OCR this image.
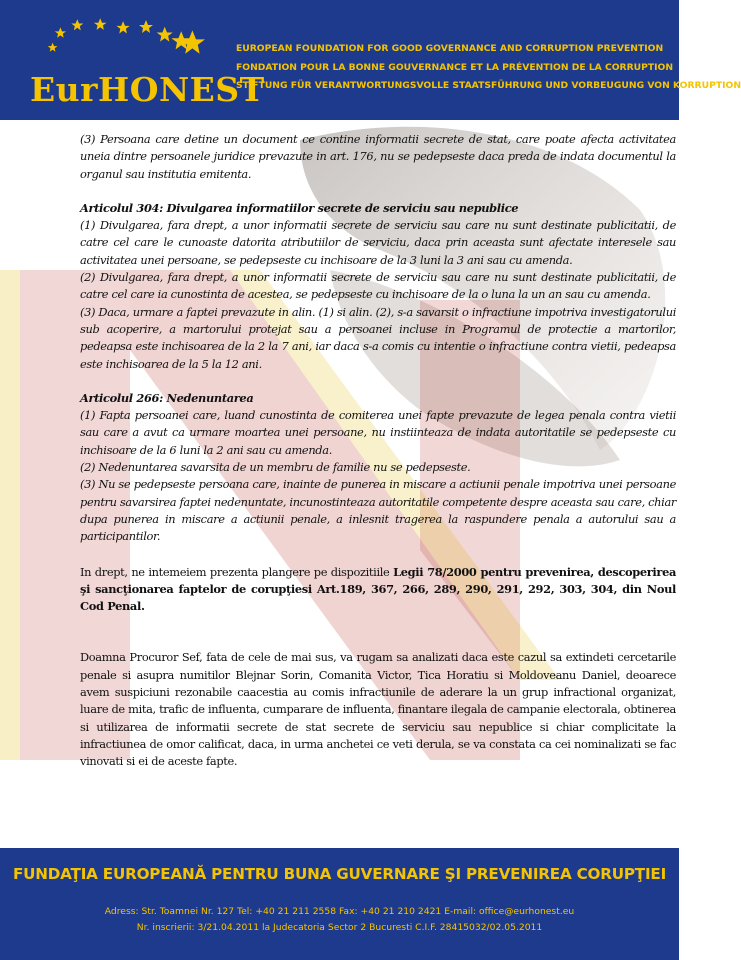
EurHONEST
EUROPEAN FOUNDATION FOR GOOD GOVERNANCE AND CORRUPTION PREVENTION
FONDATION POUR LA BONNE GOUVERNANCE ET LA PRÉVENTION DE LA CORRUPTION
STIFTUNG FÜR VERANTWORTUNGSVOLLE STAATSFÜHRUNG UND VORBEUGUNG VON KORRUPTION

(3) Persoana care detine un document ce contine informatii secrete de stat, care poate afecta activitatea uneia dintre persoanele juridice prevazute in art. 176, nu se pedepseste daca preda de indata documentul la organul sau institutia emitenta.

Articolul 304: Divulgarea informatiilor secrete de serviciu sau nepublice

(1) Divulgarea, fara drept, a unor informatii secrete de serviciu sau care nu sunt destinate publicitatii, de catre cel care le cunoaste datorita atributiilor de serviciu, daca prin aceasta sunt afectate interesele sau activitatea unei persoane, se pedepseste cu inchisoare de la 3 luni la 3 ani sau cu amenda.

(2) Divulgarea, fara drept, a unor informatii secrete de serviciu sau care nu sunt destinate publicitatii, de catre cel care ia cunostinta de acestea, se pedepseste cu inchisoare de la o luna la un an sau cu amenda.

(3) Daca, urmare a faptei prevazute in alin. (1) si alin. (2), s-a savarsit o infractiune impotriva investigatorului sub acoperire, a martorului protejat sau a persoanei incluse in Programul de protectie a martorilor, pedeapsa este inchisoarea de la 2 la 7 ani, iar daca s-a comis cu intentie o infractiune contra vietii, pedeapsa este inchisoarea de la 5 la 12 ani.

Articolul 266: Nedenuntarea

(1) Fapta persoanei care, luand cunostinta de comiterea unei fapte prevazute de legea penala contra vietii sau care a avut ca urmare moartea unei persoane, nu instiinteaza de indata autoritatile se pedepseste cu inchisoare de la 6 luni la 2 ani sau cu amenda.

(2) Nedenuntarea savarsita de un membru de familie nu se pedepseste.

(3) Nu se pedepseste persoana care, inainte de punerea in miscare a actiunii penale impotriva unei persoane pentru savarsirea faptei nedenuntate, incunostinteaza autoritatile competente despre aceasta sau care, chiar dupa punerea in miscare a actiunii penale, a inlesnit tragerea la raspundere penala a autorului sau a participantilor.

In drept, ne intemeiem prezenta plangere pe dispozitiile Legii 78/2000 pentru prevenirea, descoperirea şi sancţionarea faptelor de corupţiesi Art.189, 367, 266, 289, 290, 291, 292, 303, 304, din Noul Cod Penal.

Doamna Procuror Sef, fata de cele de mai sus, va rugam sa analizati daca este cazul sa extindeti cercetarile penale si asupra numitilor Blejnar Sorin, Comanita Victor, Tica Horatiu si Moldoveanu Daniel, deoarece avem suspiciuni rezonabile caacestia au comis infractiunile de aderare la un grup infractional organizat, luare de mita, trafic de influenta, cumparare de influenta, finantare ilegala de campanie electorala, obtinerea si utilizarea de informatii secrete de stat secrete de serviciu sau nepublice si chiar complicitate la infractiunea de omor calificat, daca, in urma anchetei ce veti derula, se va constata ca cei nominalizati se fac vinovati si ei de aceste fapte.

FUNDAŢIA EUROPEANĂ PENTRU BUNA GUVERNARE ŞI PREVENIREA CORUPŢIEI
Adress: Str. Toamnei Nr. 127 Tel: +40 21 211 2558 Fax: +40 21 210 2421 E-mail: office@eurhonest.eu
Nr. inscrierii: 3/21.04.2011 la Judecatoria Sector 2 Bucuresti C.I.F. 28415032/02.05.2011
